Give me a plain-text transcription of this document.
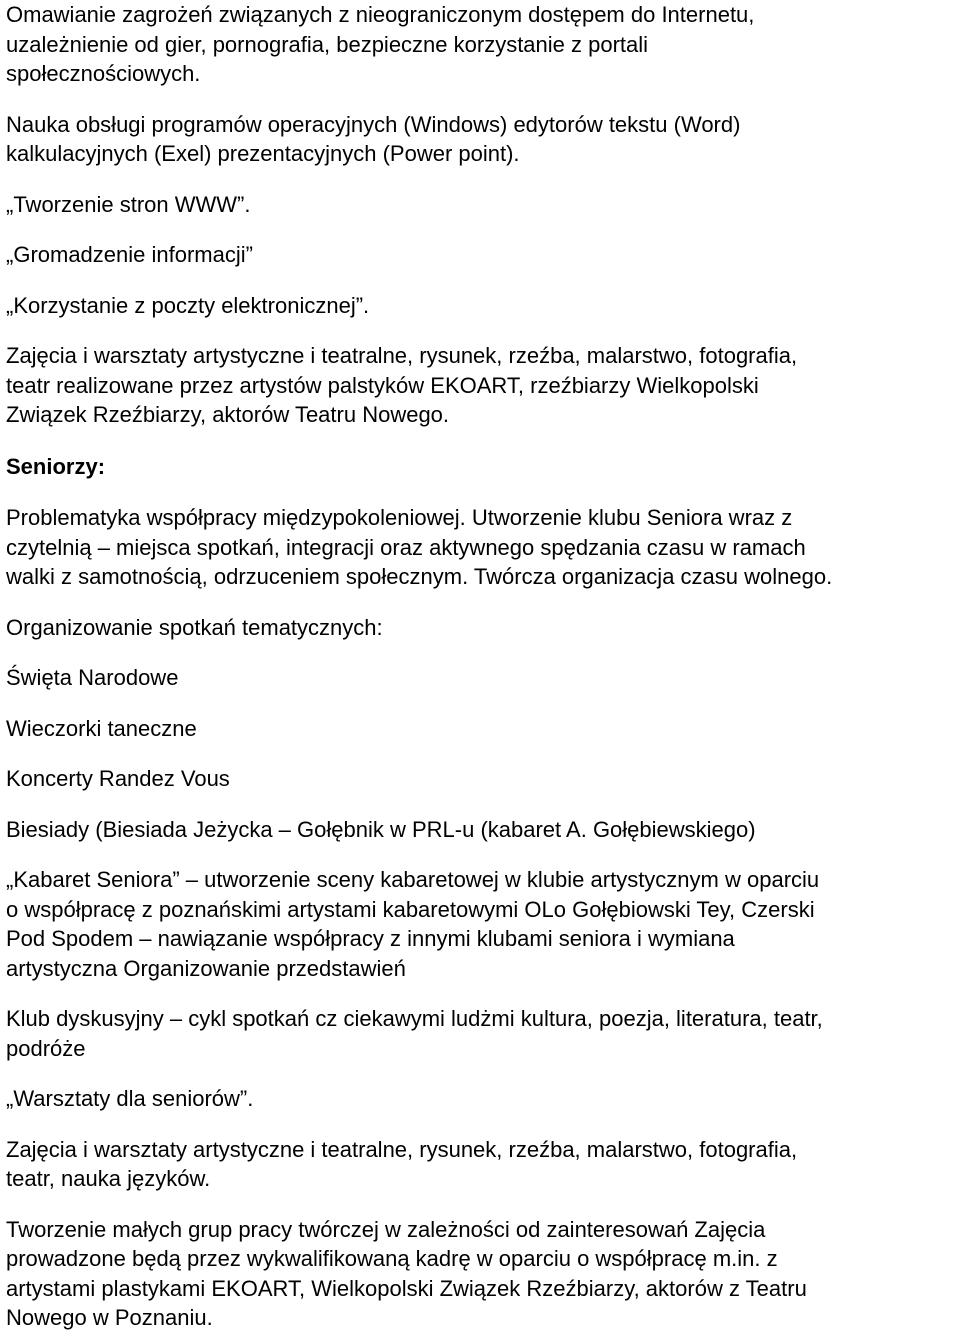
Omawianie zagrożeń związanych z nieograniczonym dostępem do Internetu,
uzależnienie od gier, pornografia, bezpieczne korzystanie z portali
społecznościowych.

Nauka obsługi programów operacyjnych (Windows) edytorów tekstu (Word)
kalkulacyjnych (Exel) prezentacyjnych (Power point).

„Tworzenie stron WWW”.

„Gromadzenie informacji”

„Korzystanie z poczty elektronicznej”.

Zajęcia i warsztaty artystyczne i teatralne, rysunek, rzeźba, malarstwo, fotografia,
teatr realizowane przez artystów palstyków EKOART, rzeźbiarzy Wielkopolski
Związek Rzeźbiarzy, aktorów Teatru Nowego.

Seniorzy:

Problematyka współpracy międzypokoleniowej. Utworzenie klubu Seniora wraz z
czytelnią – miejsca spotkań, integracji oraz aktywnego spędzania czasu w ramach
walki z samotnością, odrzuceniem społecznym. Twórcza organizacja czasu wolnego.

Organizowanie spotkań tematycznych:

Święta Narodowe

Wieczorki taneczne

Koncerty Randez Vous

Biesiady (Biesiada Jeżycka – Gołębnik w PRL-u (kabaret A. Gołębiewskiego)

„Kabaret Seniora” – utworzenie sceny kabaretowej w klubie artystycznym w oparciu
o współpracę z poznańskimi artystami kabaretowymi OLo Gołębiowski Tey, Czerski
Pod Spodem – nawiązanie współpracy z innymi klubami seniora i wymiana
artystyczna Organizowanie przedstawień

Klub dyskusyjny – cykl spotkań cz ciekawymi ludżmi kultura, poezja, literatura, teatr,
podróże

„Warsztaty dla seniorów”.

Zajęcia i warsztaty artystyczne i teatralne, rysunek, rzeźba, malarstwo, fotografia,
teatr, nauka języków.

Tworzenie małych grup pracy twórczej w zależności od zainteresowań Zajęcia
prowadzone będą przez wykwalifikowaną kadrę w oparciu o współpracę m.in. z
artystami plastykami EKOART, Wielkopolski Związek Rzeźbiarzy, aktorów z Teatru
Nowego w Poznaniu.
